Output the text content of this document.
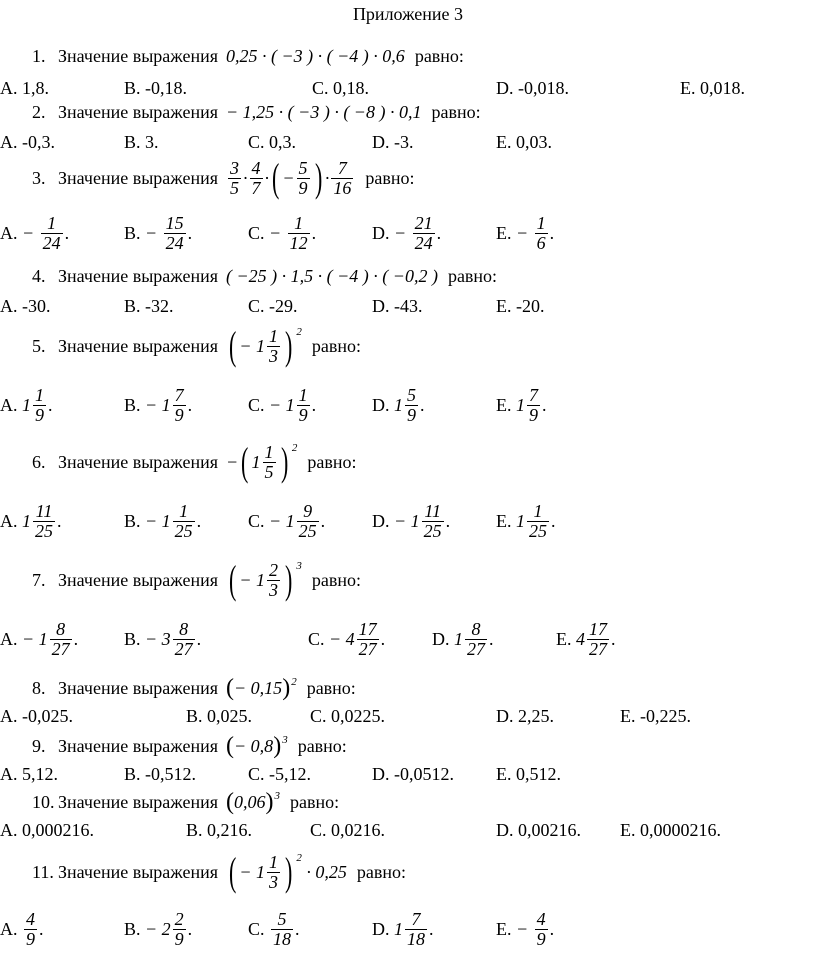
Приложение 3
1. Значение выражения 0,25 · ( −3 ) · ( −4 ) · 0,6 равно:
A. 1,8.	B. -0,18.	C. 0,18.	D. -0,018.	E. 0,018.
2. Значение выражения − 1,25 · ( −3 ) · ( −8 ) · 0,1 равно:
A. -0,3.	B. 3.	C. 0,3.	D. -3.	E. 0,03.
3. Значение выражения $\frac{3}{5} \cdot \frac{4}{7}$ · ( − $\frac{5}{9}$ ) · $\frac{7}{16}$ равно:
A.
−
$\frac{1}{24}$ .	B.
−
$\frac{15}{24}$ .	C.
−
$\frac{1}{12}$ .	D.
−
$\frac{21}{24}$ .	E.
−
$\frac{1}{6}$ .
4. Значение выражения ( −25 ) · 1,5 · ( −4 ) · ( −0,2 ) равно:
A. -30.	B. -32.	C. -29.	D. -43.	E. -20.
5. Значение выражения ( −
$1 \frac{1}{3}$ ) $^2$
равно:
A.
$1 \frac{1}{9}$ .	B.
−
$1 \frac{7}{9}$ .	C.
−
$1 \frac{1}{9}$ .	D.
$1 \frac{5}{9}$ .	E.
$1 \frac{7}{9}$ .
6. Значение выражения − ( $1 \frac{1}{5}$ ) $^2$
равно:
A.
$1 \frac{11}{25}$ .	B.
−
$1 \frac{1}{25}$ .	C.
−
$1 \frac{9}{25}$ .	D.
−
$1 \frac{11}{25}$ .	E.
$1 \frac{1}{25}$ .
7. Значение выражения ( −
$1 \frac{2}{3}$ ) $^3$
равно:
A.
−
$1 \frac{8}{27}$ .	B.
−
$3 \frac{8}{27}$ .	C.
−
$4 \frac{17}{27}$ .	D.
$1 \frac{8}{27}$ .	E.
$4 \frac{17}{27}$ .
8. Значение выражения ( − 0,15 )$^2$ равно:
A. -0,025.	B. 0,025.	C. 0,0225.	D. 2,25.	E. -0,225.
9. Значение выражения ( − 0,8 )$^3$ равно:
A. 5,12.	B. -0,512.	C. -5,12.	D. -0,0512. E. 0,512.
10. Значение выражения ( 0,06 )$^3$ равно:
A. 0,000216.	B. 0,216.	C. 0,0216.	D. 0,00216. E. 0,0000216.
11. Значение выражения ( −
$1 \frac{1}{3}$ ) $^2$

· 0,25 равно:
A.
$\frac{4}{9}$ .	B.
−
$2 \frac{2}{9}$ .	C.
$\frac{5}{18}$ .	D.
$1 \frac{7}{18}$ .	E.
−
$\frac{4}{9}$ .
